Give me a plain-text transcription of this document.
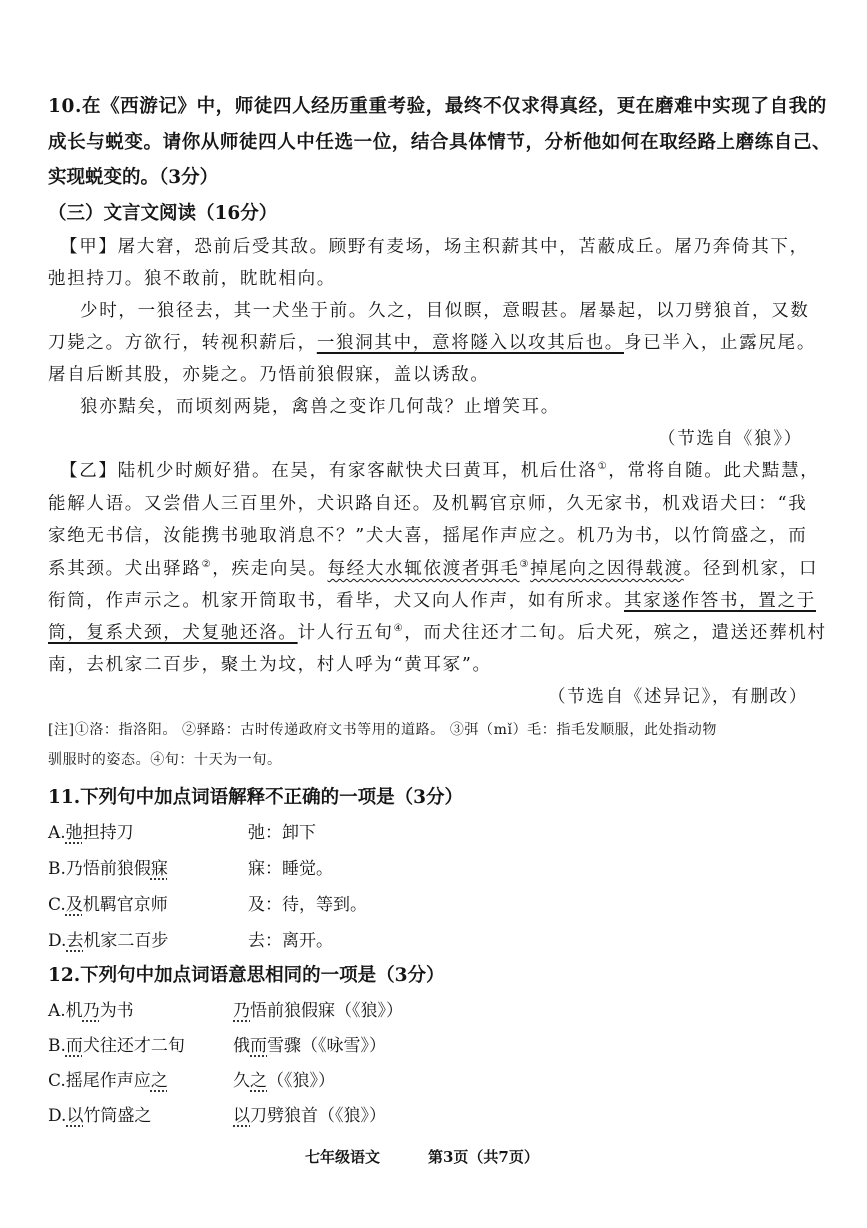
10.在《西游记》中，师徒四人经历重重考验，最终不仅求得真经，更在磨难中实现了自我的
成长与蜕变。请你从师徒四人中任选一位，结合具体情节，分析他如何在取经路上磨练自己、
实现蜕变的。（3分）
（三）文言文阅读（16分）
【甲】屠大窘，恐前后受其敌。顾野有麦场，场主积薪其中，苫蔽成丘。屠乃奔倚其下，
弛担持刀。狼不敢前，眈眈相向。
少时，一狼径去，其一犬坐于前。久之，目似瞑，意暇甚。屠暴起，以刀劈狼首，又数
刀毙之。方欲行，转视积薪后，一狼洞其中，意将隧入以攻其后也。身已半入，止露尻尾。
屠自后断其股，亦毙之。乃悟前狼假寐，盖以诱敌。
狼亦黠矣，而顷刻两毙，禽兽之变诈几何哉？止增笑耳。
（节选自《狼》）
【乙】陆机少时颇好猎。在吴，有家客献快犬曰黄耳，机后仕洛①，常将自随。此犬黠慧，
能解人语。又尝借人三百里外，犬识路自还。及机羁官京师，久无家书，机戏语犬曰：“我
家绝无书信，汝能携书驰取消息不？”犬大喜，摇尾作声应之。机乃为书，以竹筒盛之，而
系其颈。犬出驿路②，疾走向吴。每经大水辄依渡者弭毛③掉尾向之因得载渡。径到机家，口
衔筒，作声示之。机家开筒取书，看毕，犬又向人作声，如有所求。其家遂作答书，置之于
筒，复系犬颈，犬复驰还洛。计人行五旬④，而犬往还才二旬。后犬死，殡之，遣送还葬机村
南，去机家二百步，聚土为坟，村人呼为“黄耳冢”。
（节选自《述异记》，有删改）
[注]①洛：指洛阳。 ②驿路：古时传递政府文书等用的道路。 ③弭（mǐ）毛：指毛发顺服，此处指动物
驯服时的姿态。④旬：十天为一旬。
11.下列句中加点词语解释不正确的一项是（3分）
A.弛担持刀	弛：卸下
B.乃悟前狼假寐	寐：睡觉。
C.及机羁官京师	及：待，等到。
D.去机家二百步	去：离开。
12.下列句中加点词语意思相同的一项是（3分）
A.机乃为书	乃悟前狼假寐（《狼》）
B.而犬往还才二旬	俄而雪骤（《咏雪》）
C.摇尾作声应之	久之（《狼》）
D.以竹筒盛之	以刀劈狼首（《狼》）
七年级语文	第3页（共7页）
